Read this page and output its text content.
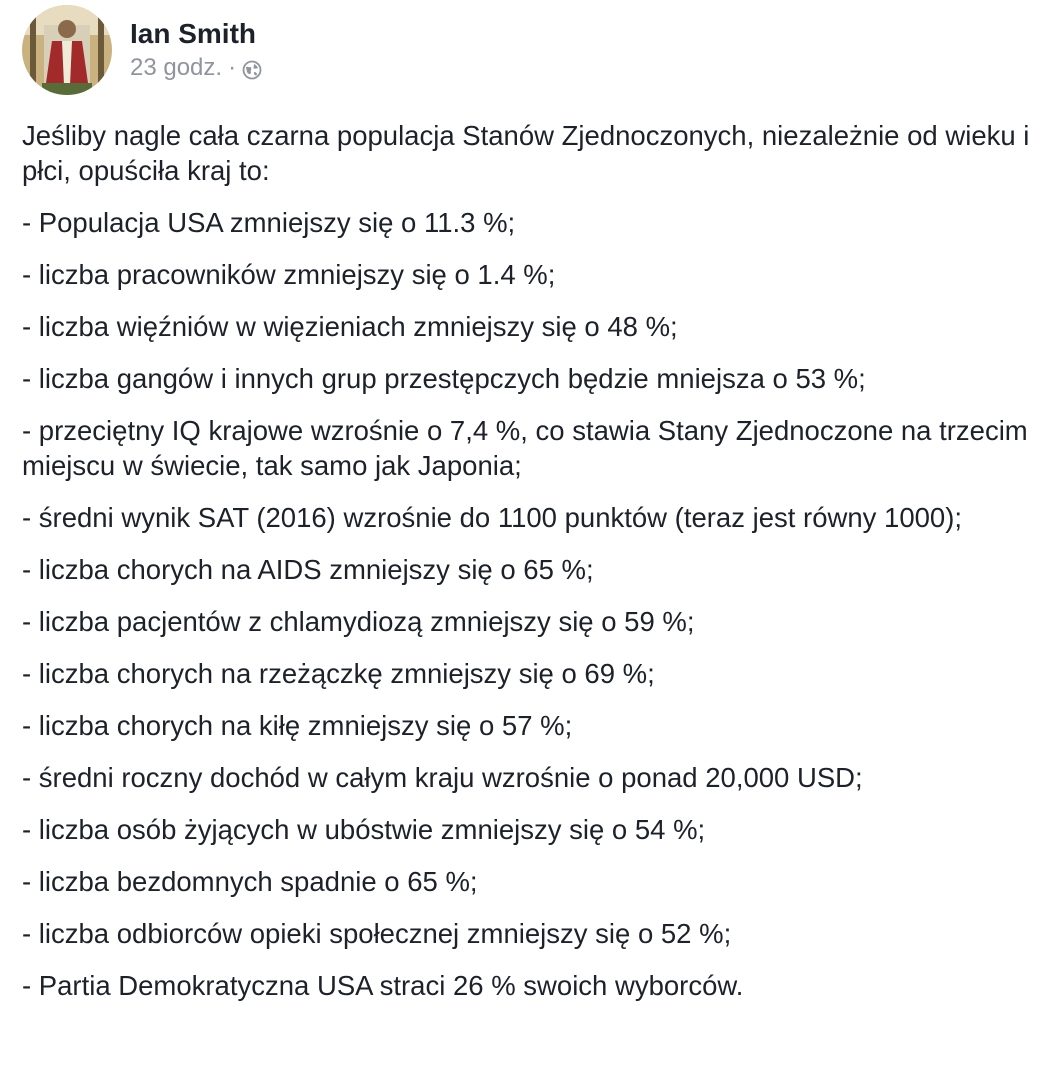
Ian Smith
23 godz. ·

Jeśliby nagle cała czarna populacja Stanów Zjednoczonych, niezależnie od wieku i płci, opuściła kraj to:

- Populacja USA zmniejszy się o 11.3 %;

- liczba pracowników zmniejszy się o 1.4 %;

- liczba więźniów w więzieniach zmniejszy się o 48 %;

- liczba gangów i innych grup przestępczych będzie mniejsza o 53 %;

- przeciętny IQ krajowe wzrośnie o 7,4 %, co stawia Stany Zjednoczone na trzecim miejscu w świecie, tak samo jak Japonia;

- średni wynik SAT (2016) wzrośnie do 1100 punktów (teraz jest równy 1000);

- liczba chorych na AIDS zmniejszy się o 65 %;

- liczba pacjentów z chlamydiozą zmniejszy się o 59 %;

- liczba chorych na rzeżączkę zmniejszy się o 69 %;

- liczba chorych na kiłę zmniejszy się o 57 %;

- średni roczny dochód w całym kraju wzrośnie o ponad 20,000 USD;

- liczba osób żyjących w ubóstwie zmniejszy się o 54 %;

- liczba bezdomnych spadnie o 65 %;

- liczba odbiorców opieki społecznej zmniejszy się o 52 %;

- Partia Demokratyczna USA straci 26 % swoich wyborców.
